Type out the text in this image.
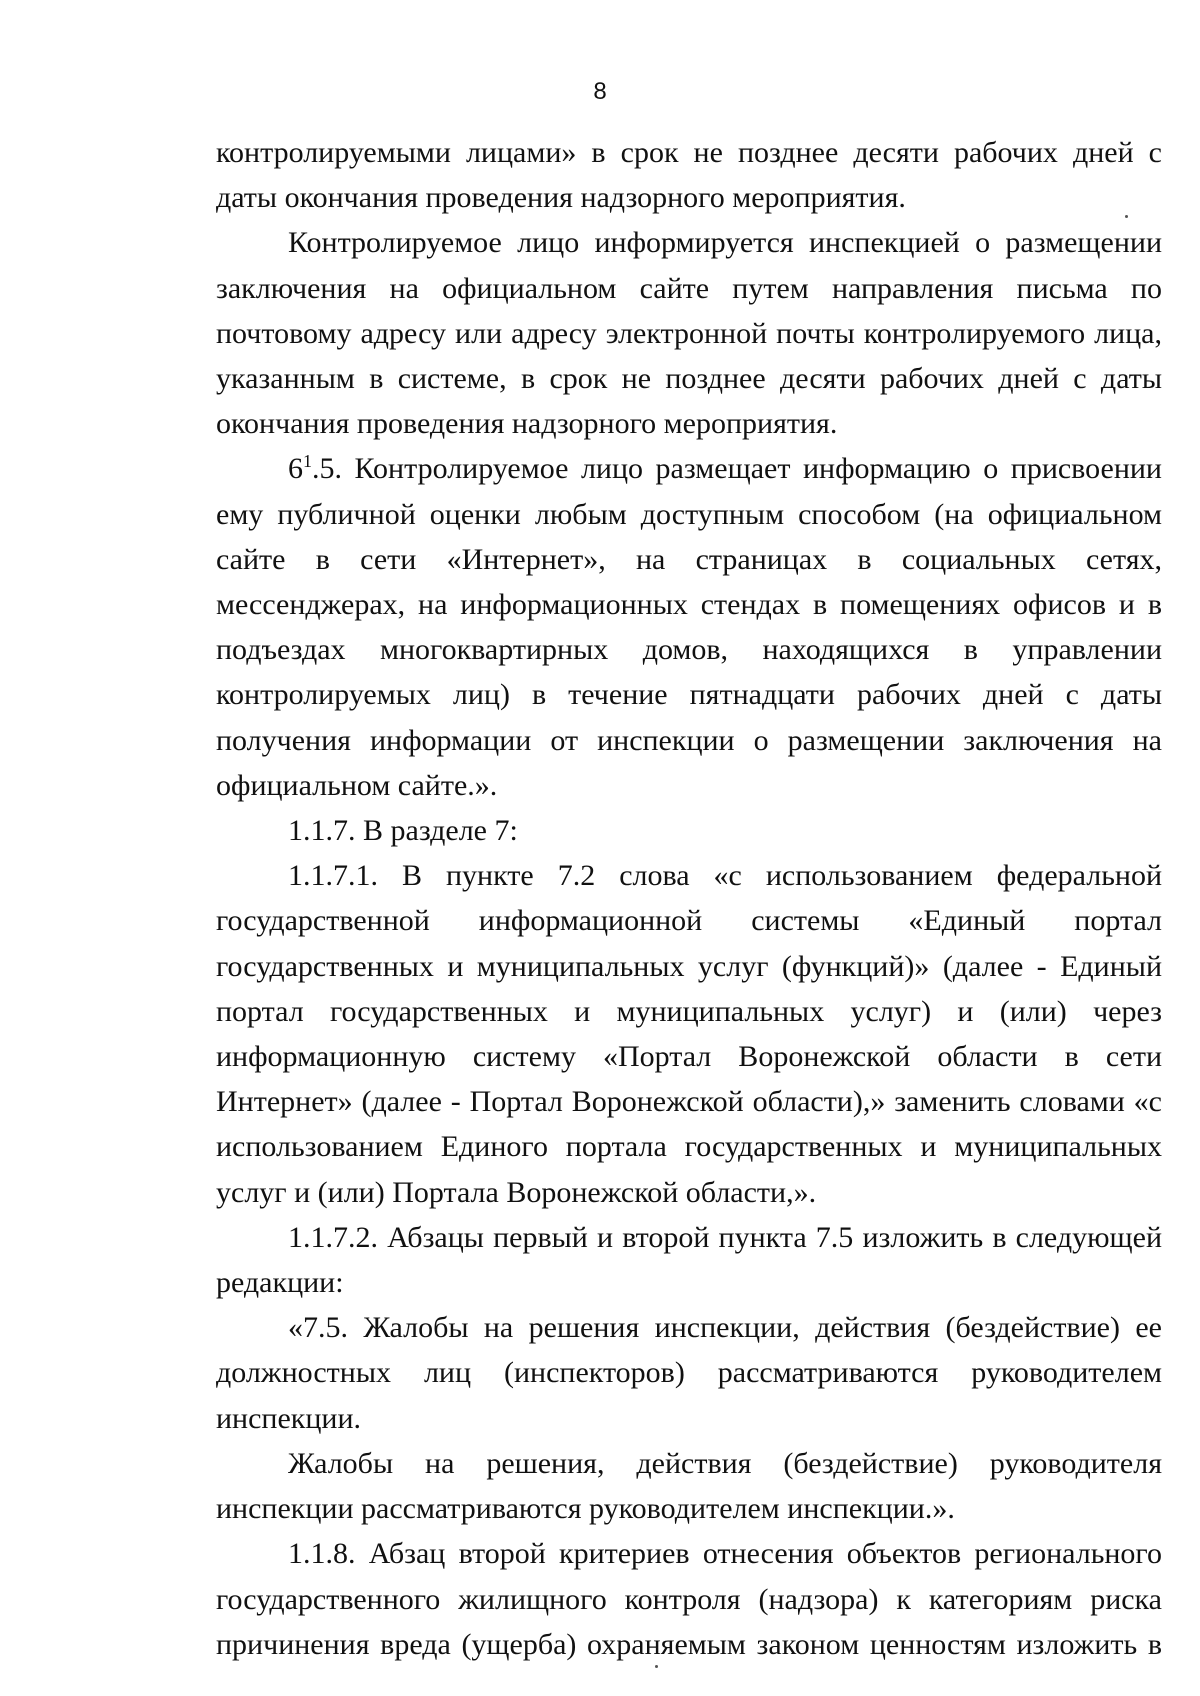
8

контролируемыми лицами» в срок не позднее десяти рабочих дней с даты окончания проведения надзорного мероприятия.

Контролируемое лицо информируется инспекцией о размещении заключения на официальном сайте путем направления письма по почтовому адресу или адресу электронной почты контролируемого лица, указанным в системе, в срок не позднее десяти рабочих дней с даты окончания проведения надзорного мероприятия.

$6^1.5$. Контролируемое лицо размещает информацию о присвоении ему публичной оценки любым доступным способом (на официальном сайте в сети «Интернет», на страницах в социальных сетях, мессенджерах, на информационных стендах в помещениях офисов и в подъездах многоквартирных домов, находящихся в управлении контролируемых лиц) в течение пятнадцати рабочих дней с даты получения информации от инспекции о размещении заключения на официальном сайте.».

1.1.7. В разделе 7:

1.1.7.1. В пункте 7.2 слова «с использованием федеральной государственной информационной системы «Единый портал государственных и муниципальных услуг (функций)» (далее - Единый портал государственных и муниципальных услуг) и (или) через информационную систему «Портал Воронежской области в сети Интернет» (далее - Портал Воронежской области),» заменить словами «с использованием Единого портала государственных и муниципальных услуг и (или) Портала Воронежской области,».

1.1.7.2. Абзацы первый и второй пункта 7.5 изложить в следующей редакции:

«7.5. Жалобы на решения инспекции, действия (бездействие) ее должностных лиц (инспекторов) рассматриваются руководителем инспекции.

Жалобы на решения, действия (бездействие) руководителя инспекции рассматриваются руководителем инспекции.».

1.1.8. Абзац второй критериев отнесения объектов регионального государственного жилищного контроля (надзора) к категориям риска причинения вреда (ущерба) охраняемым законом ценностям изложить в
